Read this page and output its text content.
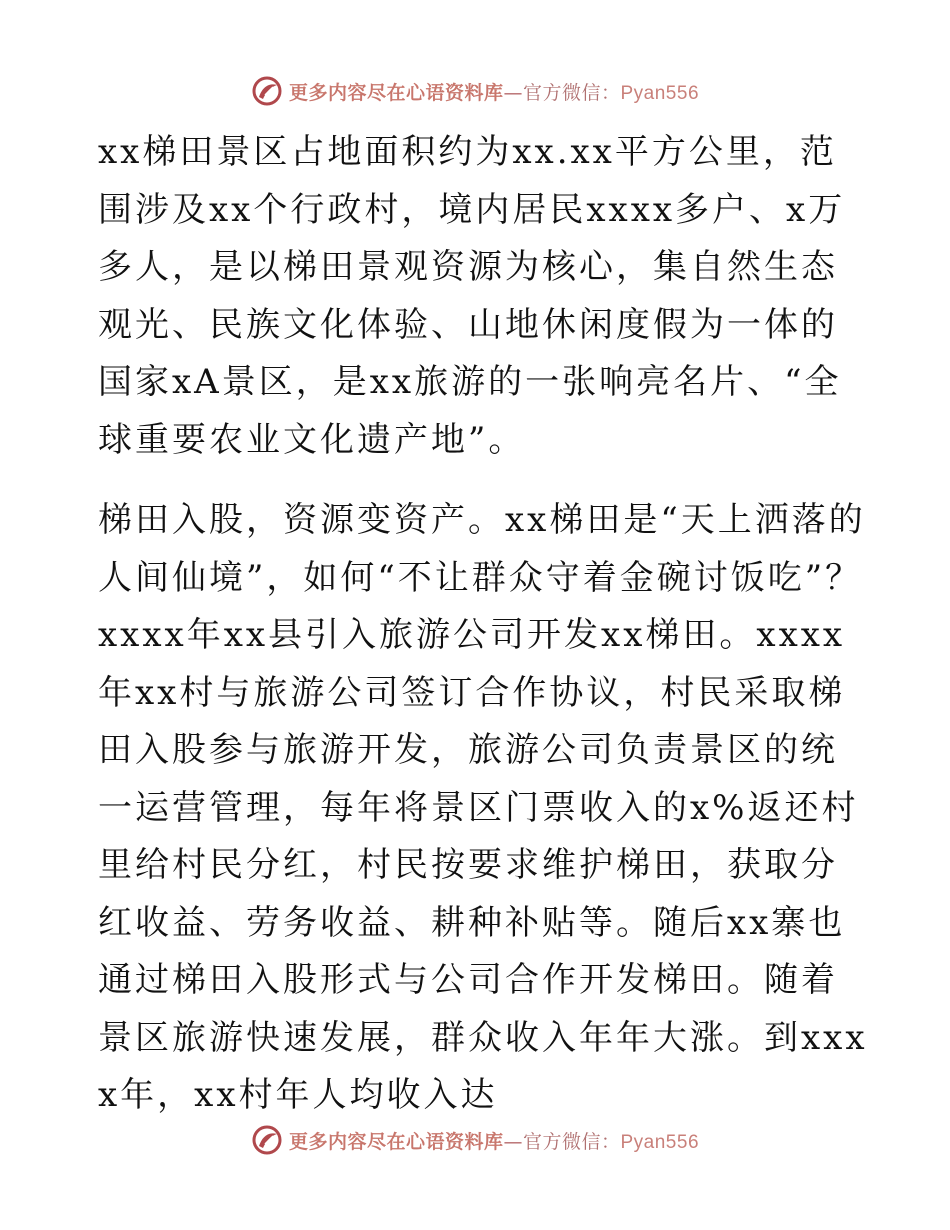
更多内容尽在心语资料库—官方微信：Pyan556

xx梯田景区占地面积约为xx.xx平方公里，范围涉及xx个行政村，境内居民xxxx多户、x万多人，是以梯田景观资源为核心，集自然生态观光、民族文化体验、山地休闲度假为一体的国家xA景区，是xx旅游的一张响亮名片、“全球重要农业文化遗产地”。

梯田入股，资源变资产。xx梯田是“天上洒落的人间仙境”，如何“不让群众守着金碗讨饭吃”？xxxx年xx县引入旅游公司开发xx梯田。xxxx年xx村与旅游公司签订合作协议，村民采取梯田入股参与旅游开发，旅游公司负责景区的统一运营管理，每年将景区门票收入的x%返还村里给村民分红，村民按要求维护梯田，获取分红收益、劳务收益、耕种补贴等。随后xx寨也通过梯田入股形式与公司合作开发梯田。随着景区旅游快速发展，群众收入年年大涨。到xxxx年，xx村年人均收入达

更多内容尽在心语资料库—官方微信：Pyan556
